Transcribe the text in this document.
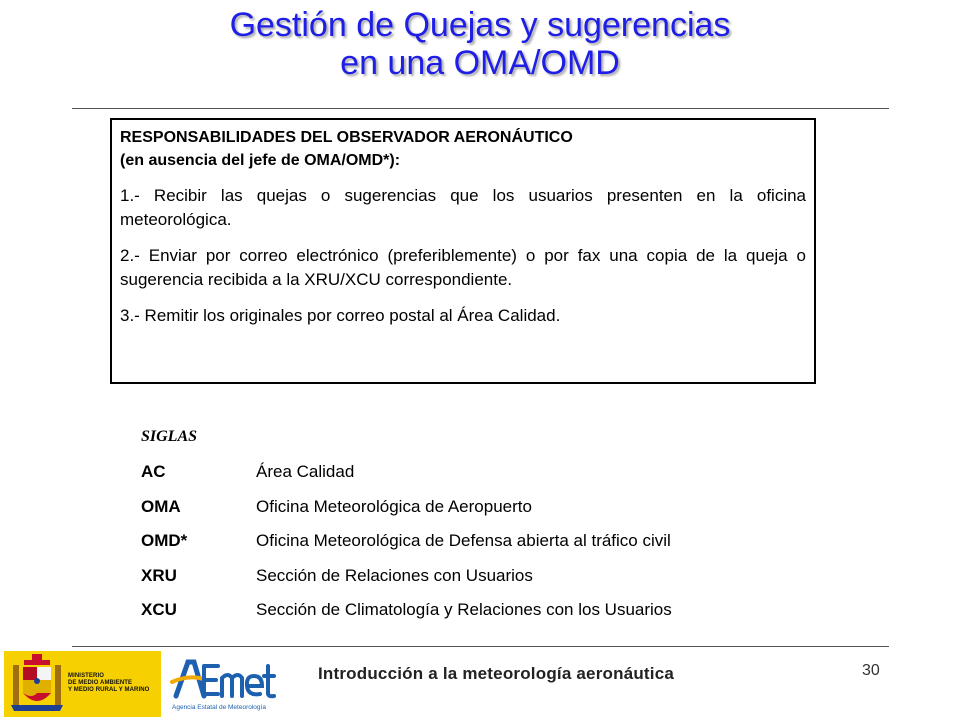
Gestión de Quejas y sugerencias
en una OMA/OMD

RESPONSABILIDADES DEL OBSERVADOR AERONÁUTICO

(en ausencia del jefe de OMA/OMD*):

1.- Recibir las quejas o sugerencias que los usuarios presenten en la oficina meteorológica.

2.- Enviar por correo electrónico (preferiblemente) o por fax una copia de la queja o sugerencia recibida a la XRU/XCU correspondiente.

3.- Remitir los originales por correo postal al Área Calidad.

SIGLAS
AC	Área Calidad
OMA	Oficina Meteorológica de Aeropuerto
OMD*	Oficina Meteorológica de Defensa abierta al tráfico civil
XRU	Sección de Relaciones con Usuarios
XCU	Sección de Climatología y Relaciones con los Usuarios
MINISTERIO
DE MEDIO AMBIENTE
Y MEDIO RURAL Y MARINO
Agencia Estatal de Meteorología
Introducción a la meteorología aeronáutica	30
